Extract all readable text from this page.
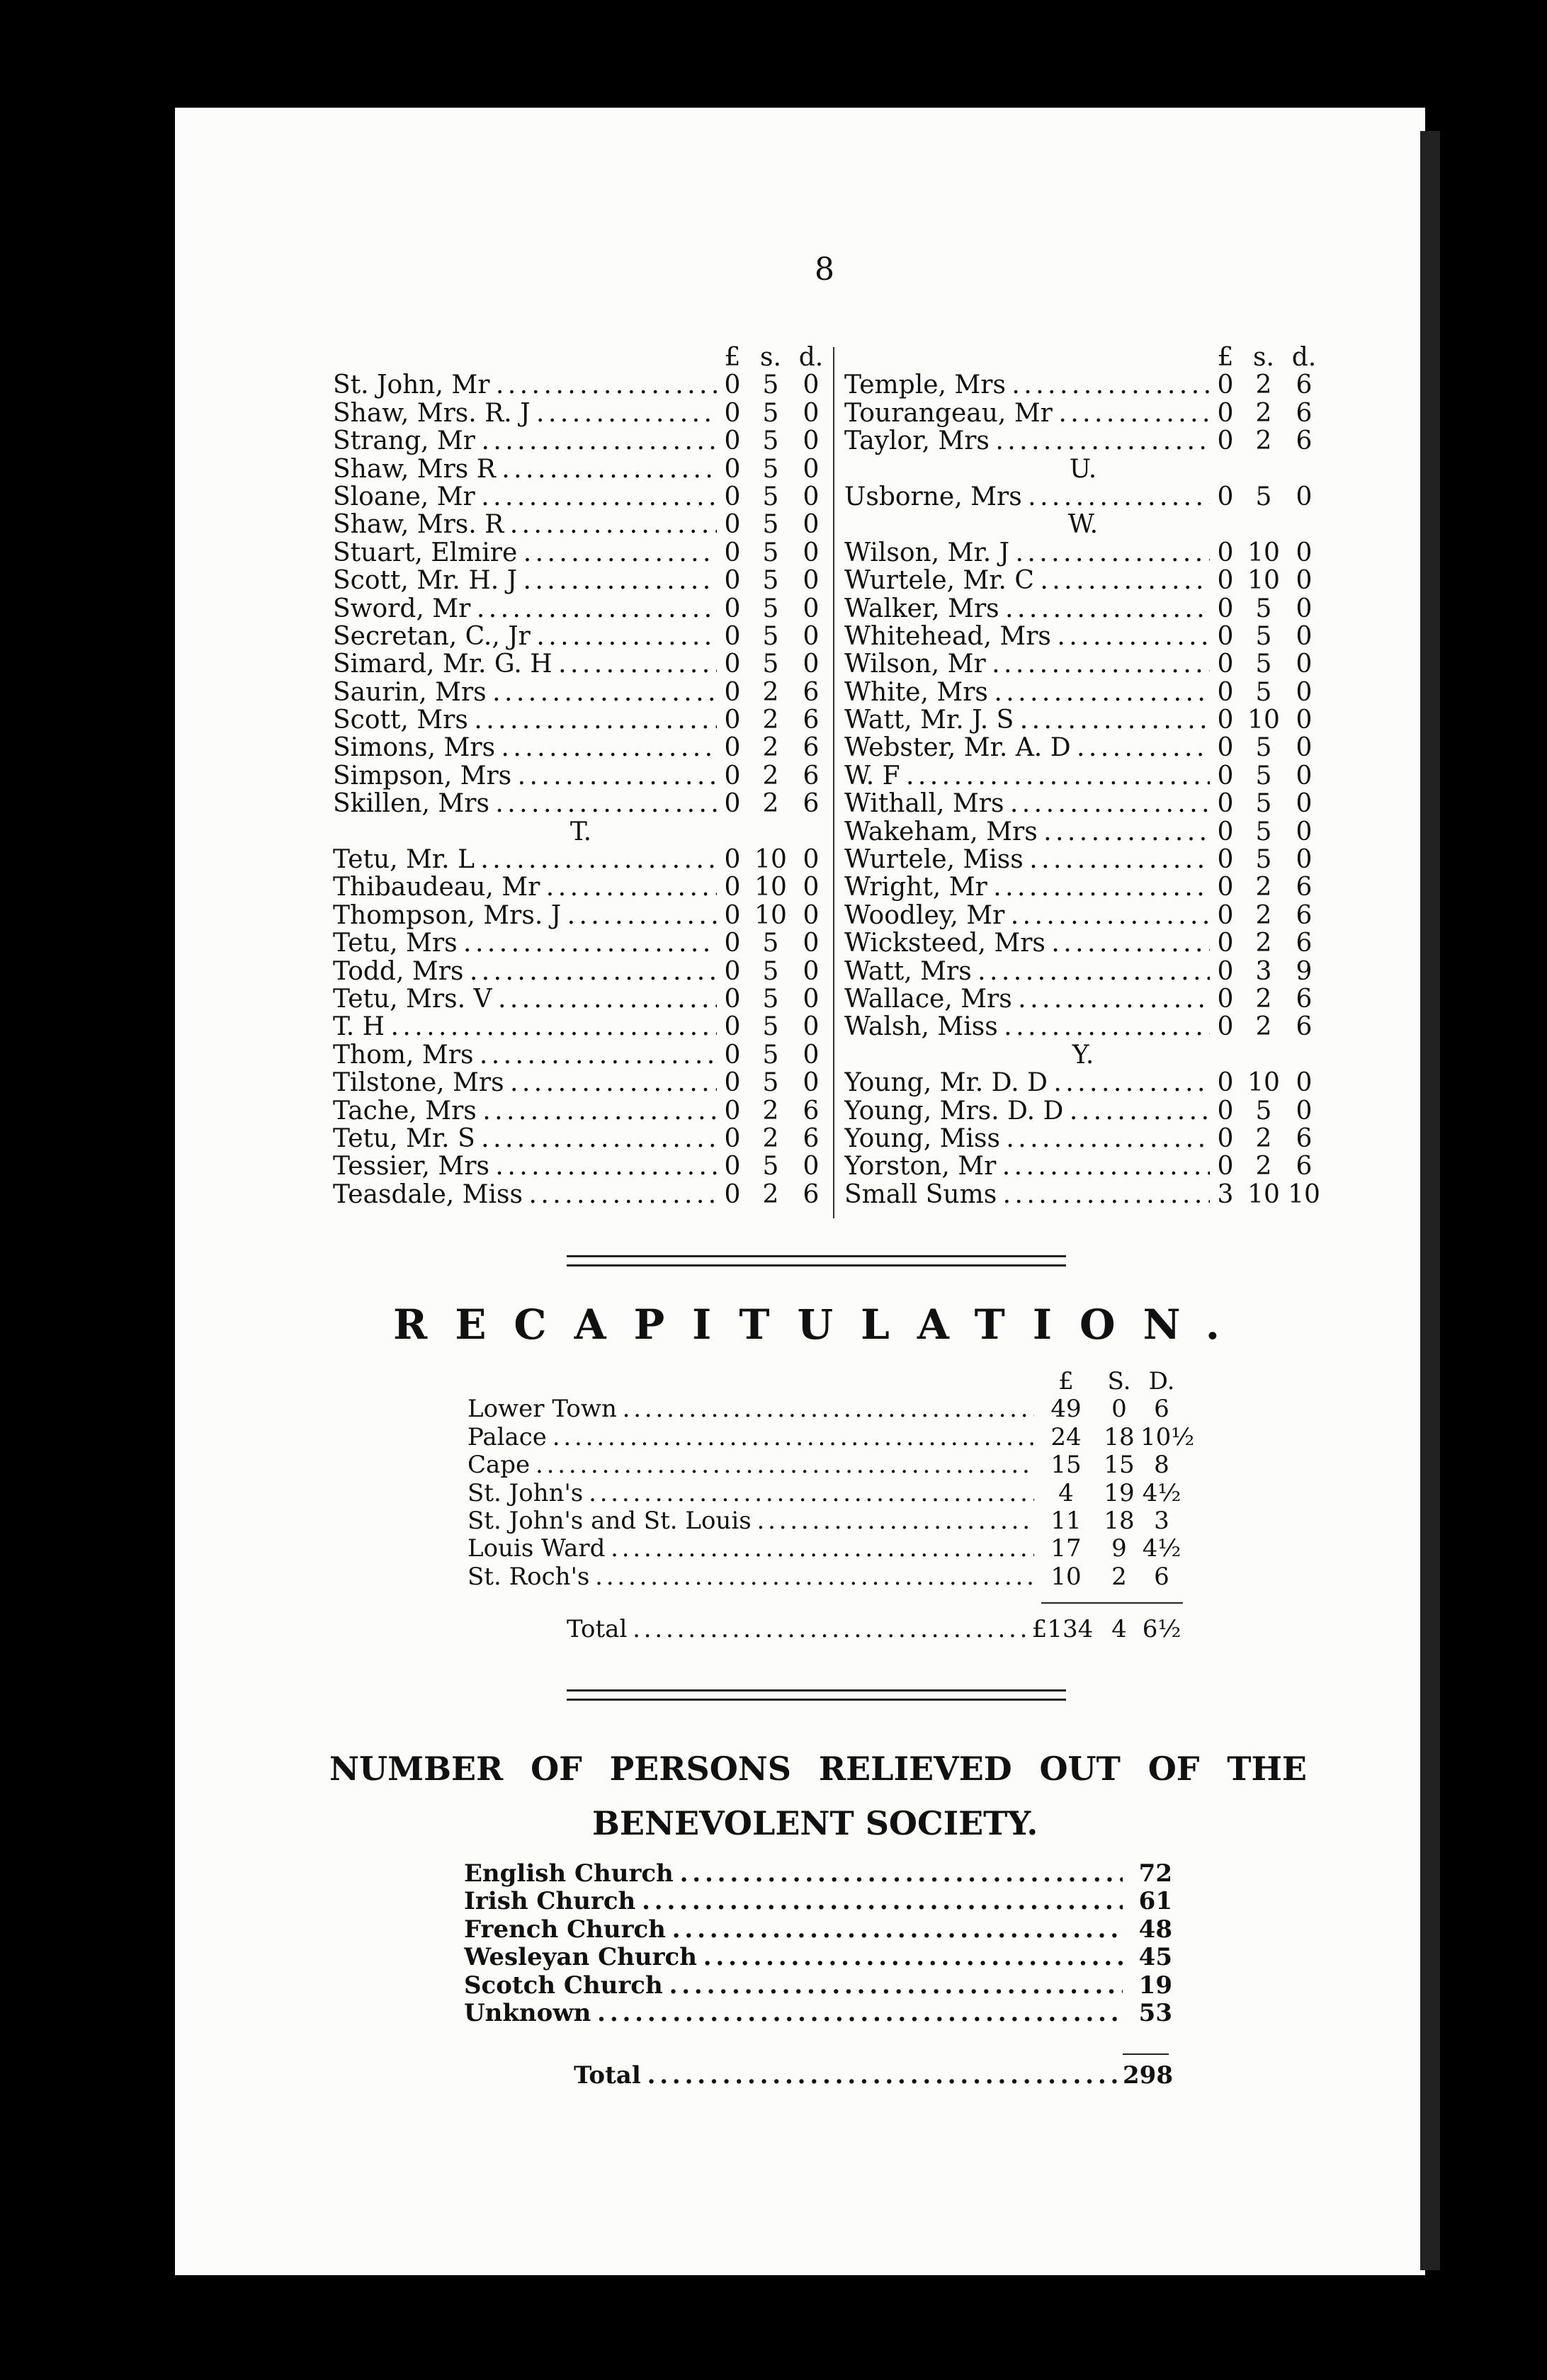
8
£ s. d.
St. John, Mr . . .	0 5 0
Shaw, Mrs. R. J . . .	0 5 0
Strang, Mr . . .	0 5 0
Shaw, Mrs R . . .	0 5 0
Sloane, Mr . . .	0 5 0
Shaw, Mrs. R . . .	0 5 0
Stuart, Elmire . . .	0 5 0
Scott, Mr. H. J . . .	0 5 0
Sword, Mr . . .	0 5 0
Secretan, C., Jr . . .	0 5 0
Simard, Mr. G. H . . .	0 5 0
Saurin, Mrs . . .	0 2 6
Scott, Mrs . . .	0 2 6
Simons, Mrs . . .	0 2 6
Simpson, Mrs . . .	0 2 6
Skillen, Mrs . . .	0 2 6
T.
Tetu, Mr. L . . .	0 10 0
Thibaudeau, Mr . . .	0 10 0
Thompson, Mrs. J . . .	0 10 0
Tetu, Mrs . . .	0 5 0
Todd, Mrs . . .	0 5 0
Tetu, Mrs. V . . .	0 5 0
T. H . . .	0 5 0
Thom, Mrs . . .	0 5 0
Tilstone, Mrs . . .	0 5 0
Tache, Mrs . . .	0 2 6
Tetu, Mr. S . . .	0 2 6
Tessier, Mrs . . .	0 5 0
Teasdale, Miss . . .	0 2 6
£ s. d.
Temple, Mrs . . .	0 2 6
Tourangeau, Mr . . .	0 2 6
Taylor, Mrs . . .	0 2 6
U.
Usborne, Mrs . . .	0 5 0
W.
Wilson, Mr. J . . .	0 10 0
Wurtele, Mr. C . . .	0 10 0
Walker, Mrs . . .	0 5 0
Whitehead, Mrs . . .	0 5 0
Wilson, Mr . . .	0 5 0
White, Mrs . . .	0 5 0
Watt, Mr. J. S . . .	0 10 0
Webster, Mr. A. D . . .	0 5 0
W. F . . .	0 5 0
Withall, Mrs . . .	0 5 0
Wakeham, Mrs . . .	0 5 0
Wurtele, Miss . . .	0 5 0
Wright, Mr . . .	0 2 6
Woodley, Mr . . .	0 2 6
Wicksteed, Mrs . . .	0 2 6
Watt, Mrs . . .	0 3 9
Wallace, Mrs . . .	0 2 6
Walsh, Miss . . .	0 2 6
Y.
Young, Mr. D. D . . .	0 10 0
Young, Mrs. D. D . . .	0 5 0
Young, Miss . . .	0 2 6
Yorston, Mr . . .	0 2 6
Small Sums . . .	3 10 10
RECAPITULATION.
£	S. D.
Lower Town . . .	49	0	6
Palace . . .	24 18 10½
Cape . . .	15 15 8
St. John's . . .	4	19 4½
St. John's and St. Louis . . .	11 18 3
Louis Ward . . .	17	9 4½
St. Roch's . . .	10	2	6
Total . . .	£134 4 6½
NUMBER OF PERSONS RELIEVED OUT OF THE
BENEVOLENT SOCIETY.
English Church . . .	72
Irish Church . . .	61
French Church . . .	48
Wesleyan Church . . .	45
Scotch Church . . .	19
Unknown . . .	53
Total . . .	298
